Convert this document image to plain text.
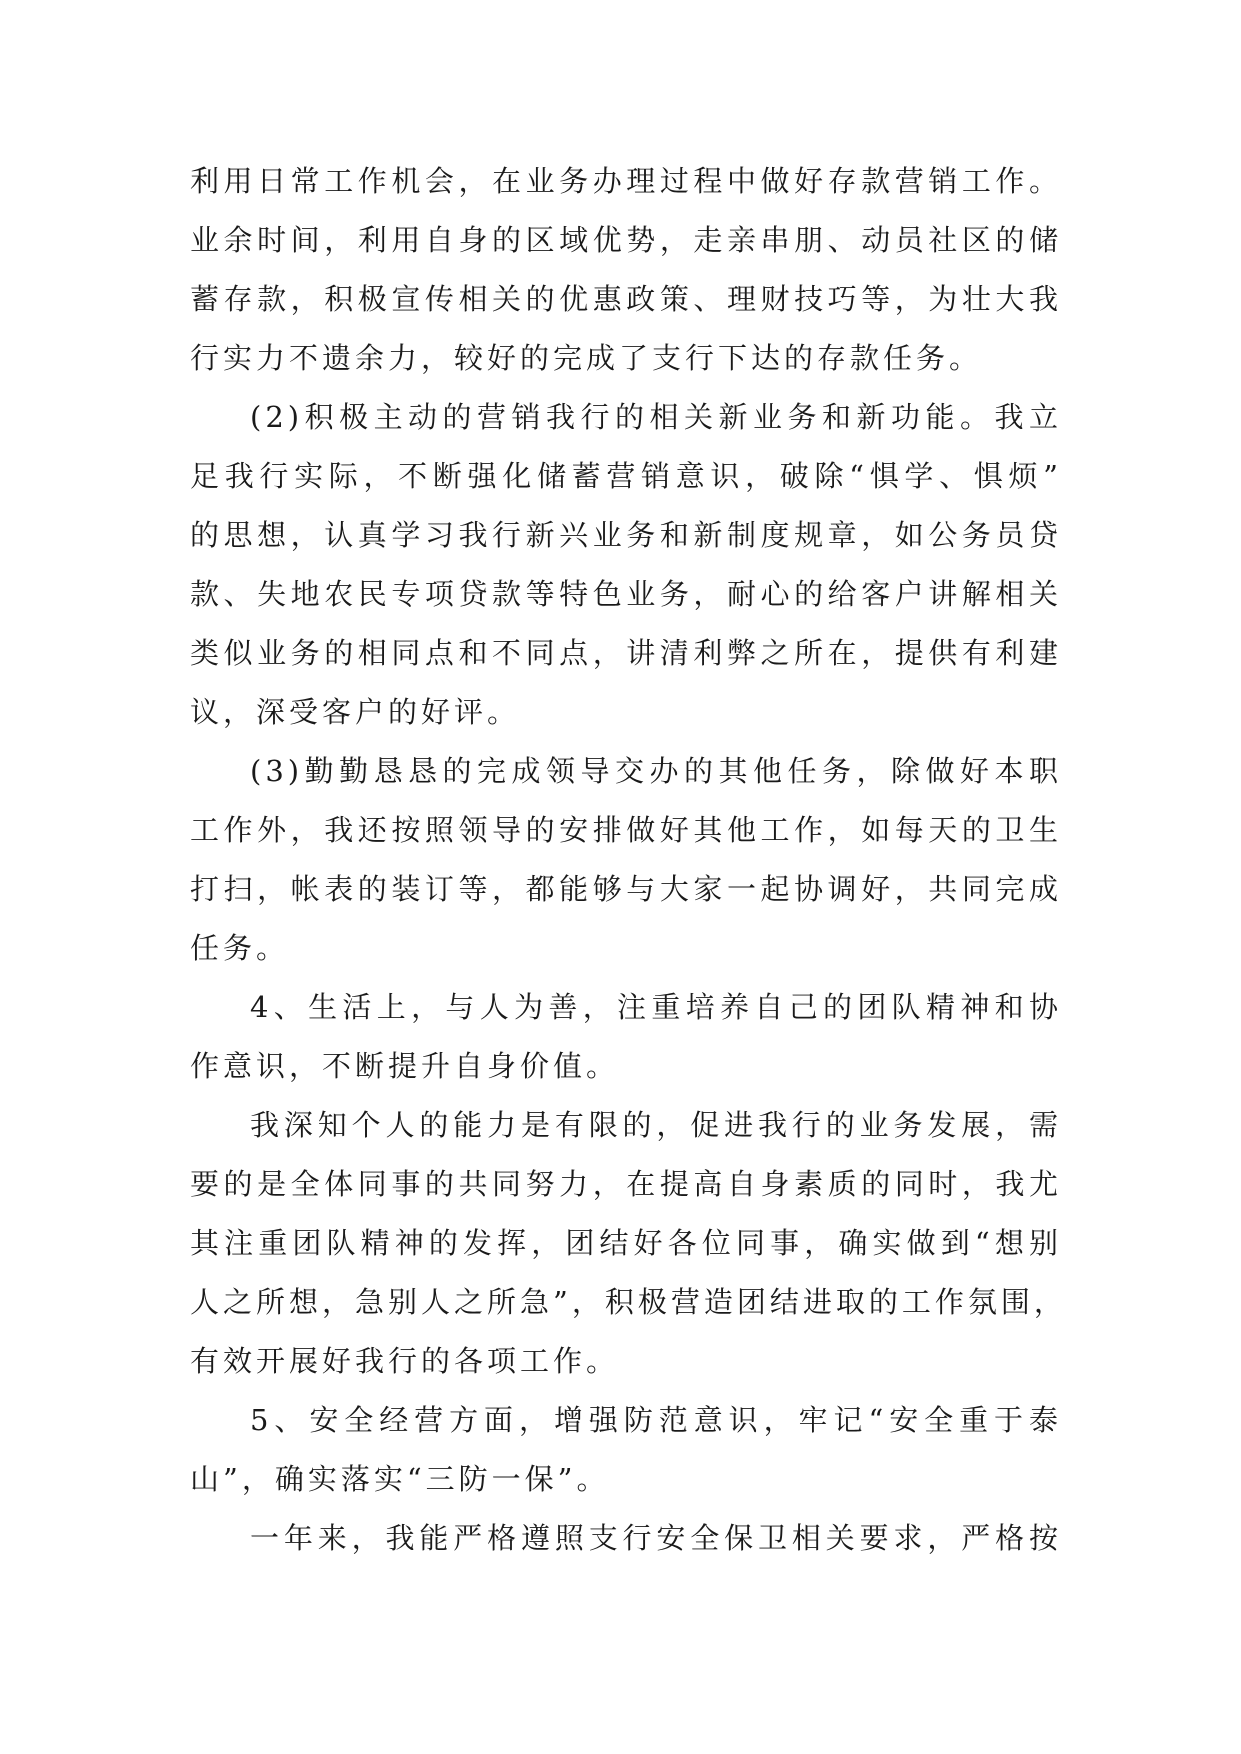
利用日常工作机会，在业务办理过程中做好存款营销工作。
业余时间，利用自身的区域优势，走亲串朋、动员社区的储
蓄存款，积极宣传相关的优惠政策、理财技巧等，为壮大我
行实力不遗余力，较好的完成了支行下达的存款任务。
(2)积极主动的营销我行的相关新业务和新功能。我立
足我行实际，不断强化储蓄营销意识，破除“惧学、惧烦”
的思想，认真学习我行新兴业务和新制度规章，如公务员贷
款、失地农民专项贷款等特色业务，耐心的给客户讲解相关
类似业务的相同点和不同点，讲清利弊之所在，提供有利建
议，深受客户的好评。
(3)勤勤恳恳的完成领导交办的其他任务，除做好本职
工作外，我还按照领导的安排做好其他工作，如每天的卫生
打扫，帐表的装订等，都能够与大家一起协调好，共同完成
任务。
4、生活上，与人为善，注重培养自己的团队精神和协
作意识，不断提升自身价值。
我深知个人的能力是有限的，促进我行的业务发展，需
要的是全体同事的共同努力，在提高自身素质的同时，我尤
其注重团队精神的发挥，团结好各位同事，确实做到“想别
人之所想，急别人之所急”，积极营造团结进取的工作氛围，
有效开展好我行的各项工作。
5、安全经营方面，增强防范意识，牢记“安全重于泰
山”，确实落实“三防一保”。
一年来，我能严格遵照支行安全保卫相关要求，严格按
